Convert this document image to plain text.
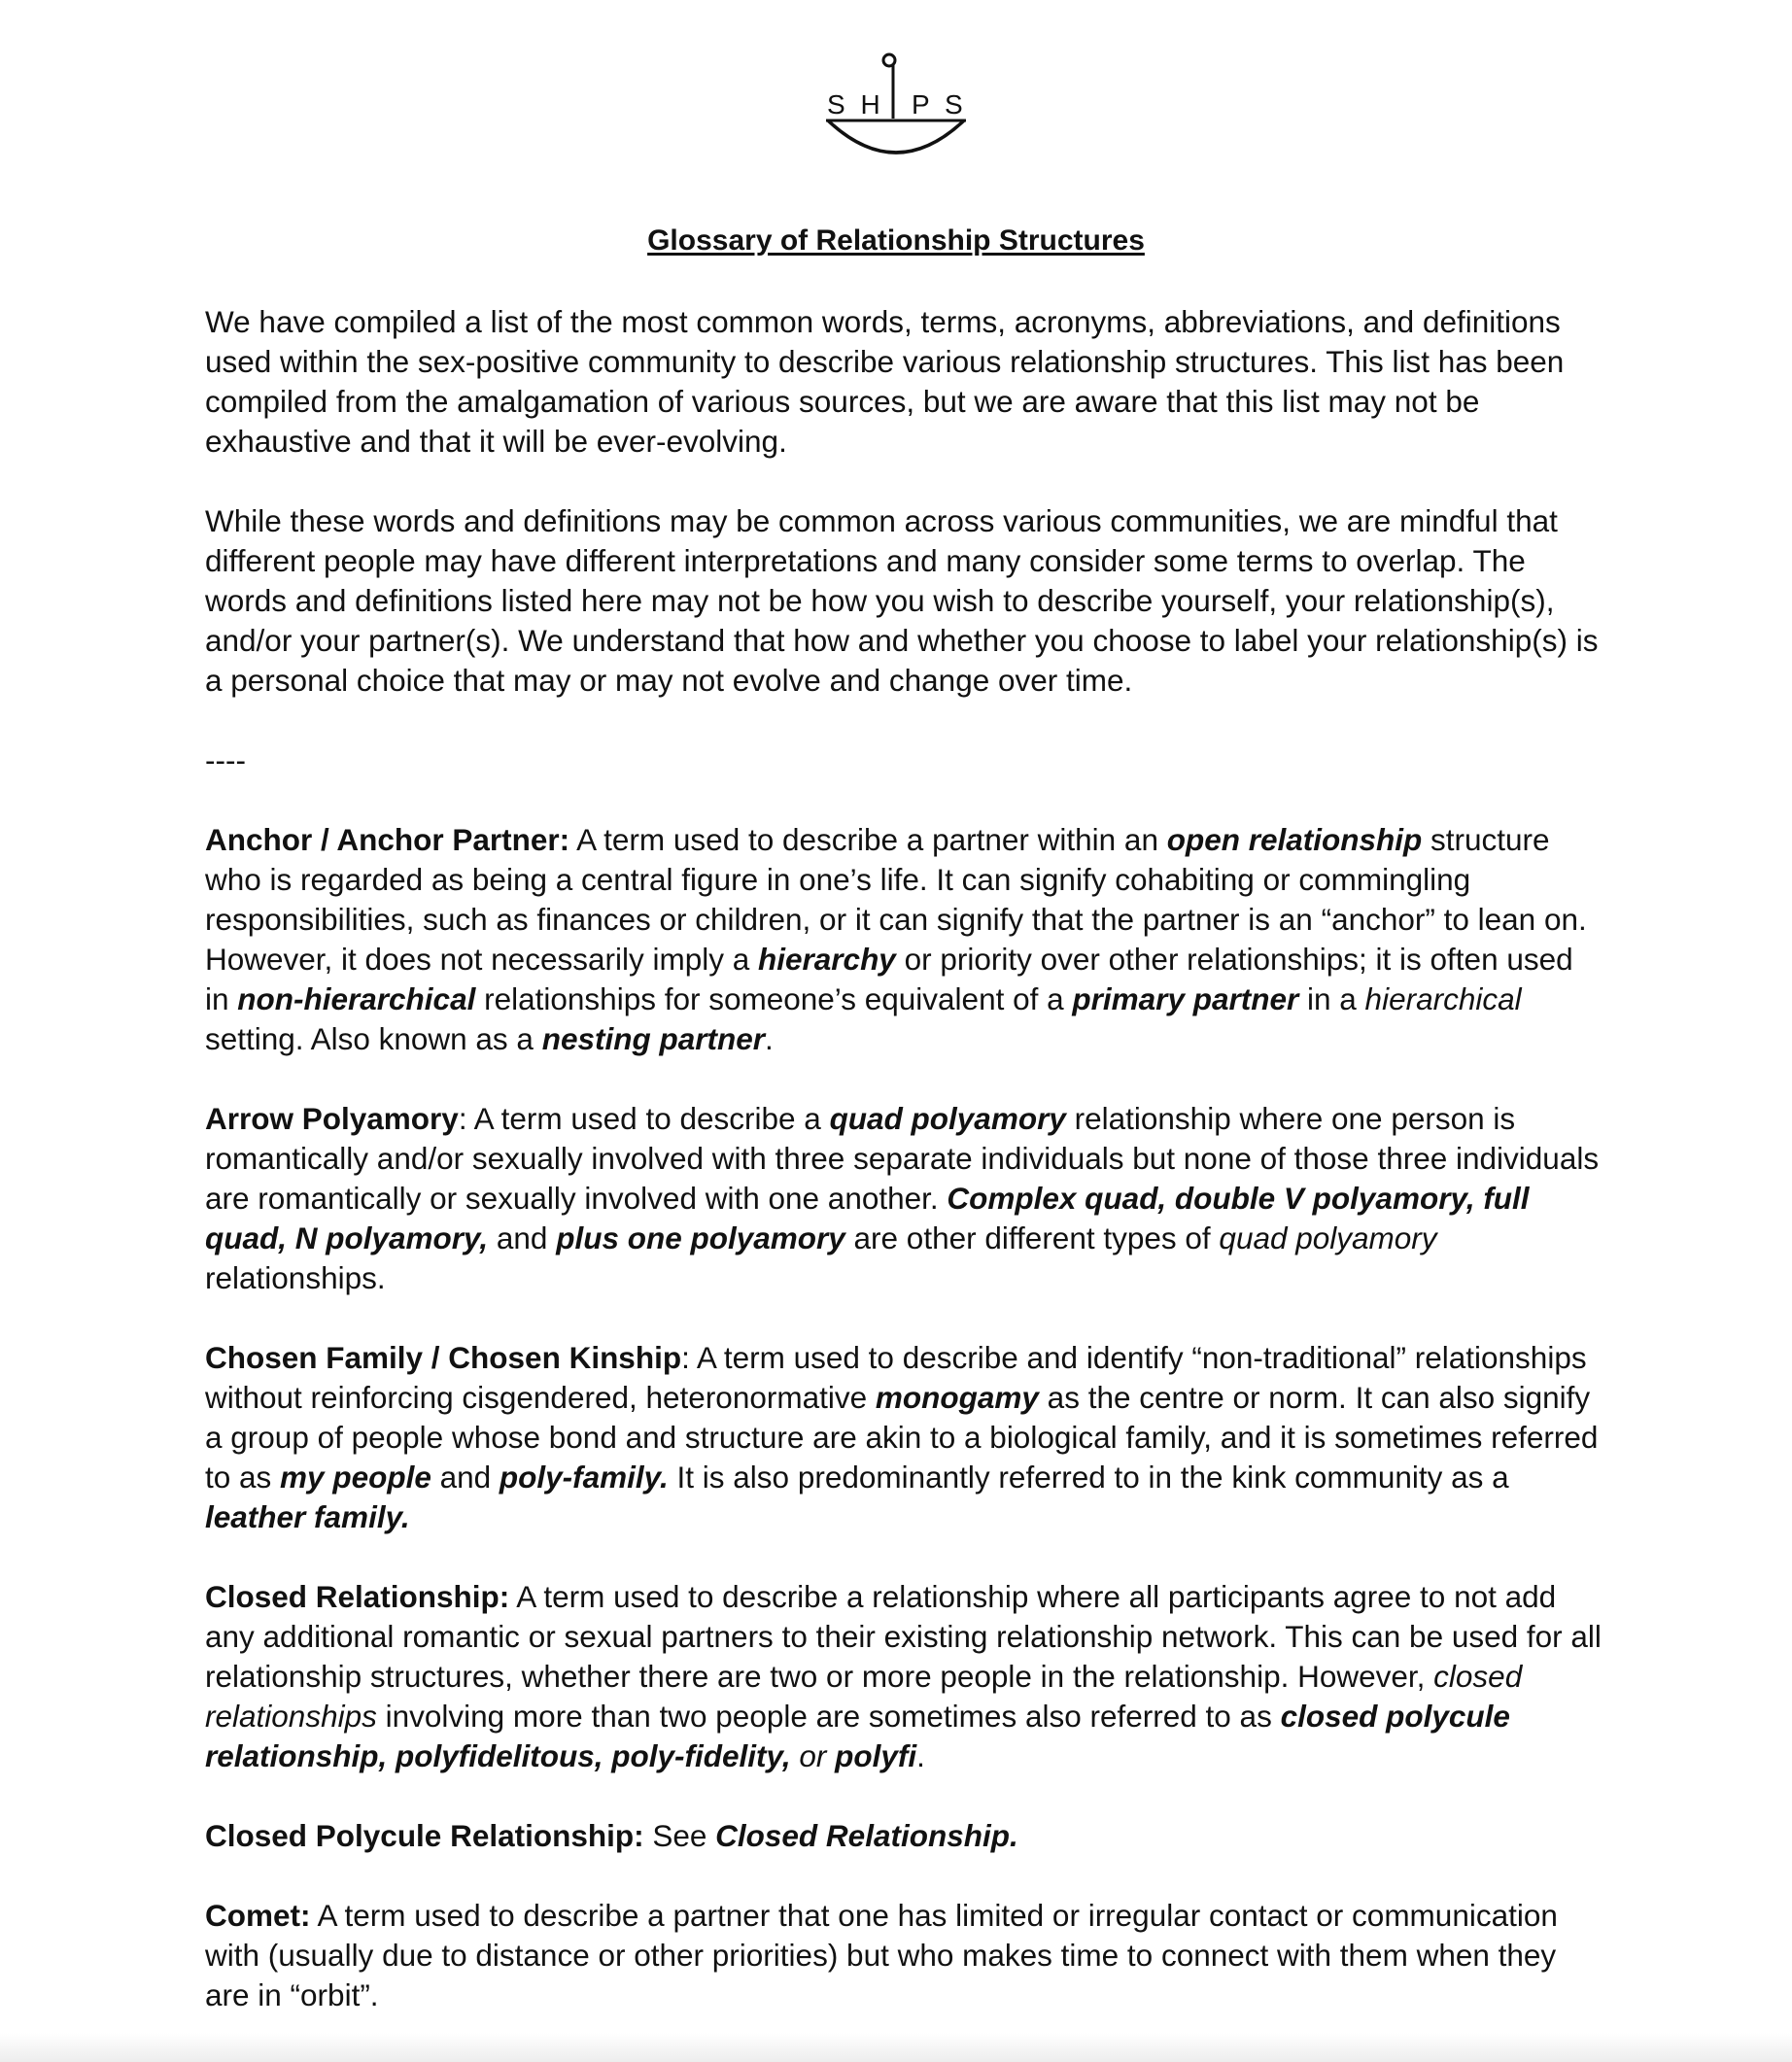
S H P S
Glossary of Relationship Structures

We have compiled a list of the most common words, terms, acronyms, abbreviations, and definitions used within the sex-positive community to describe various relationship structures. This list has been compiled from the amalgamation of various sources, but we are aware that this list may not be exhaustive and that it will be ever-evolving.

While these words and definitions may be common across various communities, we are mindful that different people may have different interpretations and many consider some terms to overlap. The words and definitions listed here may not be how you wish to describe yourself, your relationship(s), and/or your partner(s). We understand that how and whether you choose to label your relationship(s) is a personal choice that may or may not evolve and change over time.

----

Anchor / Anchor Partner: A term used to describe a partner within an open relationship structure who is regarded as being a central figure in one’s life. It can signify cohabiting or commingling responsibilities, such as finances or children, or it can signify that the partner is an “anchor” to lean on. However, it does not necessarily imply a hierarchy or priority over other relationships; it is often used in non-hierarchical relationships for someone’s equivalent of a primary partner in a hierarchical setting. Also known as a nesting partner.

Arrow Polyamory: A term used to describe a quad polyamory relationship where one person is romantically and/or sexually involved with three separate individuals but none of those three individuals are romantically or sexually involved with one another. Complex quad, double V polyamory, full quad, N polyamory, and plus one polyamory are other different types of quad polyamory relationships.

Chosen Family / Chosen Kinship: A term used to describe and identify “non-traditional” relationships without reinforcing cisgendered, heteronormative monogamy as the centre or norm. It can also signify a group of people whose bond and structure are akin to a biological family, and it is sometimes referred to as my people and poly-family. It is also predominantly referred to in the kink community as a leather family.

Closed Relationship: A term used to describe a relationship where all participants agree to not add any additional romantic or sexual partners to their existing relationship network. This can be used for all relationship structures, whether there are two or more people in the relationship. However, closed relationships involving more than two people are sometimes also referred to as closed polycule relationship, polyfidelitous, poly-fidelity, or polyfi.

Closed Polycule Relationship: See Closed Relationship.

Comet: A term used to describe a partner that one has limited or irregular contact or communication with (usually due to distance or other priorities) but who makes time to connect with them when they are in “orbit”.
